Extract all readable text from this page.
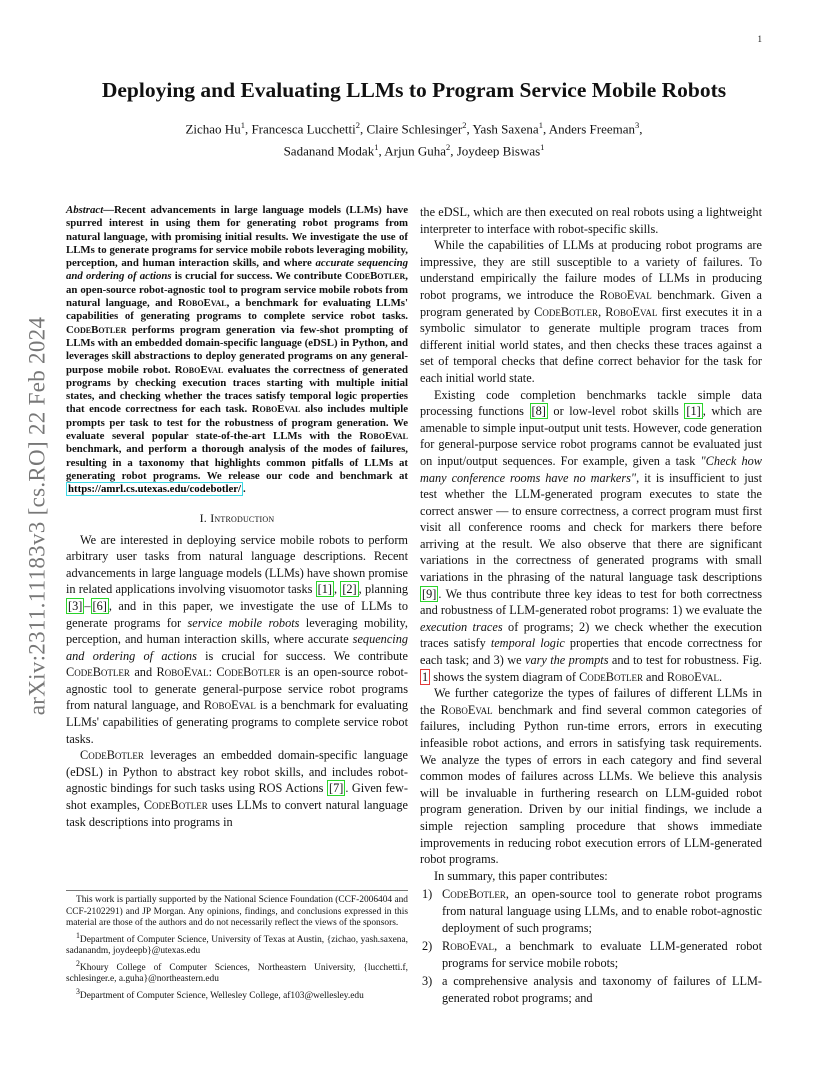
1
arXiv:2311.11183v3 [cs.RO] 22 Feb 2024
Deploying and Evaluating LLMs to Program Service Mobile Robots
Zichao Hu$^1$, Francesca Lucchetti$^2$, Claire Schlesinger$^2$, Yash Saxena$^1$, Anders Freeman$^3$,
Sadanand Modak$^1$, Arjun Guha$^2$, Joydeep Biswas$^1$

Abstract—Recent advancements in large language models (LLMs) have spurred interest in using them for generating robot programs from natural language, with promising initial results. We investigate the use of LLMs to generate programs for service mobile robots leveraging mobility, perception, and human interaction skills, and where accurate sequencing and ordering of actions is crucial for success. We contribute CodeBotler, an open-source robot-agnostic tool to program service mobile robots from natural language, and RoboEval, a benchmark for evaluating LLMs' capabilities of generating programs to complete service robot tasks. CodeBotler performs program generation via few-shot prompting of LLMs with an embedded domain-specific language (eDSL) in Python, and leverages skill abstractions to deploy generated programs on any general-purpose mobile robot. RoboEval evaluates the correctness of generated programs by checking execution traces starting with multiple initial states, and checking whether the traces satisfy temporal logic properties that encode correctness for each task. RoboEval also includes multiple prompts per task to test for the robustness of program generation. We evaluate several popular state-of-the-art LLMs with the RoboEval benchmark, and perform a thorough analysis of the modes of failures, resulting in a taxonomy that highlights common pitfalls of LLMs at generating robot programs. We release our code and benchmark at https://amrl.cs.utexas.edu/codebotler/ .

I. Introduction

We are interested in deploying service mobile robots to perform arbitrary user tasks from natural language descriptions. Recent advancements in large language models (LLMs) have shown promise in related applications involving visuomotor tasks [1] , [2] , planning [3] – [6] , and in this paper, we investigate the use of LLMs to generate programs for service mobile robots leveraging mobility, perception, and human interaction skills, where accurate sequencing and ordering of actions is crucial for success. We contribute CodeBotler and RoboEval: CodeBotler is an open-source robot-agnostic tool to generate general-purpose service robot programs from natural language, and RoboEval is a benchmark for evaluating LLMs' capabilities of generating programs to complete service robot tasks.

CodeBotler leverages an embedded domain-specific language (eDSL) in Python to abstract key robot skills, and includes robot-agnostic bindings for such tasks using ROS Actions [7] . Given few-shot examples, CodeBotler uses LLMs to convert natural language task descriptions into programs in

This work is partially supported by the National Science Foundation (CCF-2006404 and CCF-2102291) and JP Morgan. Any opinions, findings, and conclusions expressed in this material are those of the authors and do not necessarily reflect the views of the sponsors.

$^1$Department of Computer Science, University of Texas at Austin, {zichao, yash.saxena, sadanandm, joydeepb}@utexas.edu

$^2$Khoury College of Computer Sciences, Northeastern University, {lucchetti.f, schlesinger.e, a.guha}@northeastern.edu

$^3$Department of Computer Science, Wellesley College, af103@wellesley.edu

the eDSL, which are then executed on real robots using a lightweight interpreter to interface with robot-specific skills.

While the capabilities of LLMs at producing robot programs are impressive, they are still susceptible to a variety of failures. To understand empirically the failure modes of LLMs in producing robot programs, we introduce the RoboEval benchmark. Given a program generated by CodeBotler, RoboEval first executes it in a symbolic simulator to generate multiple program traces from different initial world states, and then checks these traces against a set of temporal checks that define correct behavior for the task for each initial world state.

Existing code completion benchmarks tackle simple data processing functions [8] or low-level robot skills [1] , which are amenable to simple input-output unit tests. However, code generation for general-purpose service robot programs cannot be evaluated just on input/output sequences. For example, given a task "Check how many conference rooms have no markers", it is insufficient to just test whether the LLM-generated program executes to state the correct answer — to ensure correctness, a correct program must first visit all conference rooms and check for markers there before arriving at the result. We also observe that there are significant variations in the correctness of generated programs with small variations in the phrasing of the natural language task descriptions [9] . We thus contribute three key ideas to test for both correctness and robustness of LLM-generated robot programs: 1) we evaluate the execution traces of programs; 2) we check whether the execution traces satisfy temporal logic properties that encode correctness for each task; and 3) we vary the prompts and to test for robustness. Fig. 1 shows the system diagram of CodeBotler and RoboEval.

We further categorize the types of failures of different LLMs in the RoboEval benchmark and find several common categories of failures, including Python run-time errors, errors in executing infeasible robot actions, and errors in satisfying task requirements. We analyze the types of errors in each category and find several common modes of failures across LLMs. We believe this analysis will be invaluable in furthering research on LLM-guided robot program generation. Driven by our initial findings, we include a simple rejection sampling procedure that shows immediate improvements in reducing robot execution errors of LLM-generated robot programs.

In summary, this paper contributes:

1) CodeBotler, an open-source tool to generate robot programs from natural language using LLMs, and to enable robot-agnostic deployment of such programs;
2) RoboEval, a benchmark to evaluate LLM-generated robot programs for service mobile robots;
3) a comprehensive analysis and taxonomy of failures of LLM-generated robot programs; and
